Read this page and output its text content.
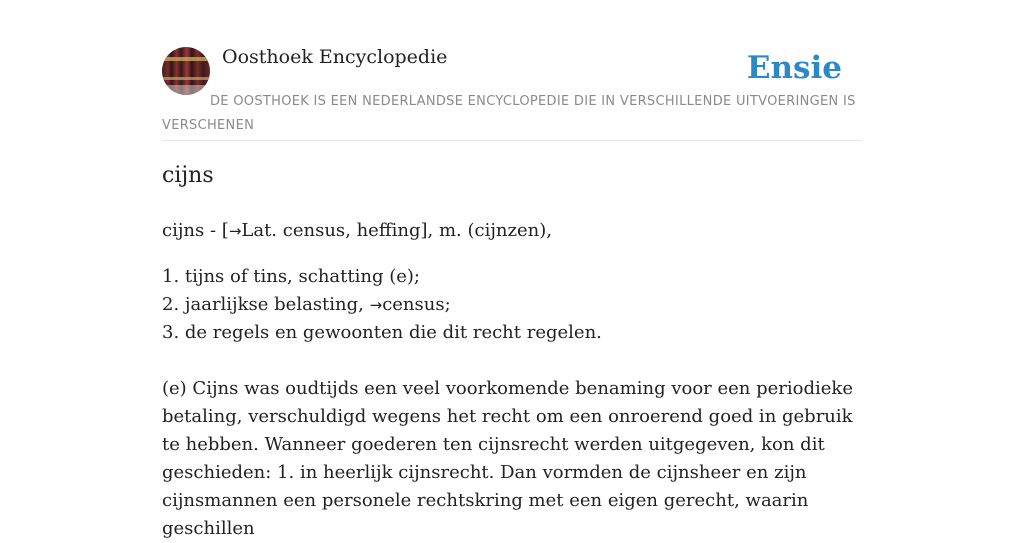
Oosthoek Encyclopedie	Ensie
DE OOSTHOEK IS EEN NEDERLANDSE ENCYCLOPEDIE DIE IN VERSCHILLENDE UITVOERINGEN IS VERSCHENEN
cijns

cijns - [→Lat. census, heffing], m. (cijnzen),

1. tijns of tins, schatting (e);

2. jaarlijkse belasting, →census;

3. de regels en gewoonten die dit recht regelen.

(e) Cijns was oudtijds een veel voorkomende benaming voor een periodieke betaling, verschuldigd wegens het recht om een onroerend goed in gebruik te hebben. Wanneer goederen ten cijnsrecht werden uitgegeven, kon dit geschieden: 1. in heerlijk cijnsrecht. Dan vormden de cijnsheer en zijn cijnsmannen een personele rechtskring met een eigen gerecht, waarin geschillen
